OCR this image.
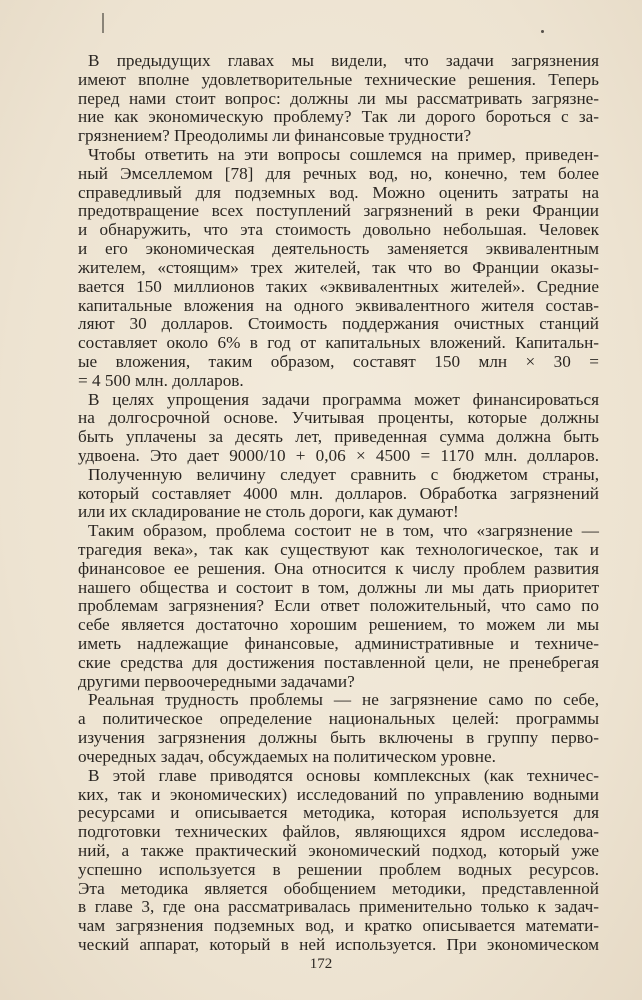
В предыдущих главах мы видели, что задачи загрязнения
имеют вполне удовлетворительные технические решения. Теперь
перед нами стоит вопрос: должны ли мы рассматривать загрязне-
ние как экономическую проблему? Так ли дорого бороться с за-
грязнением? Преодолимы ли финансовые трудности?
Чтобы ответить на эти вопросы сошлемся на пример, приведен-
ный Эмселлемом [78] для речных вод, но, конечно, тем более
справедливый для подземных вод. Можно оценить затраты на
предотвращение всех поступлений загрязнений в реки Франции
и обнаружить, что эта стоимость довольно небольшая. Человек
и его экономическая деятельность заменяется эквивалентным
жителем, «стоящим» трех жителей, так что во Франции оказы-
вается 150 миллионов таких «эквивалентных жителей». Средние
капитальные вложения на одного эквивалентного жителя состав-
ляют 30 долларов. Стоимость поддержания очистных станций
составляет около 6% в год от капитальных вложений. Капитальн-
ые вложения, таким образом, составят 150 млн × 30 =
= 4 500 млн. долларов.
В целях упрощения задачи программа может финансироваться
на долгосрочной основе. Учитывая проценты, которые должны
быть уплачены за десять лет, приведенная сумма должна быть
удвоена. Это дает 9000/10 + 0,06 × 4500 = 1170 млн. долларов.
Полученную величину следует сравнить с бюджетом страны,
который составляет 4000 млн. долларов. Обработка загрязнений
или их складирование не столь дороги, как думают!
Таким образом, проблема состоит не в том, что «загрязнение —
трагедия века», так как существуют как технологическое, так и
финансовое ее решения. Она относится к числу проблем развития
нашего общества и состоит в том, должны ли мы дать приоритет
проблемам загрязнения? Если ответ положительный, что само по
себе является достаточно хорошим решением, то можем ли мы
иметь надлежащие финансовые, административные и техниче-
ские средства для достижения поставленной цели, не пренебрегая
другими первоочередными задачами?
Реальная трудность проблемы — не загрязнение само по себе,
а политическое определение национальных целей: программы
изучения загрязнения должны быть включены в группу перво-
очередных задач, обсуждаемых на политическом уровне.
В этой главе приводятся основы комплексных (как техничес-
ких, так и экономических) исследований по управлению водными
ресурсами и описывается методика, которая используется для
подготовки технических файлов, являющихся ядром исследова-
ний, а также практический экономический подход, который уже
успешно используется в решении проблем водных ресурсов.
Эта методика является обобщением методики, представленной
в главе 3, где она рассматривалась применительно только к задач-
чам загрязнения подземных вод, и кратко описывается математи-
ческий аппарат, который в ней используется. При экономическом
172
